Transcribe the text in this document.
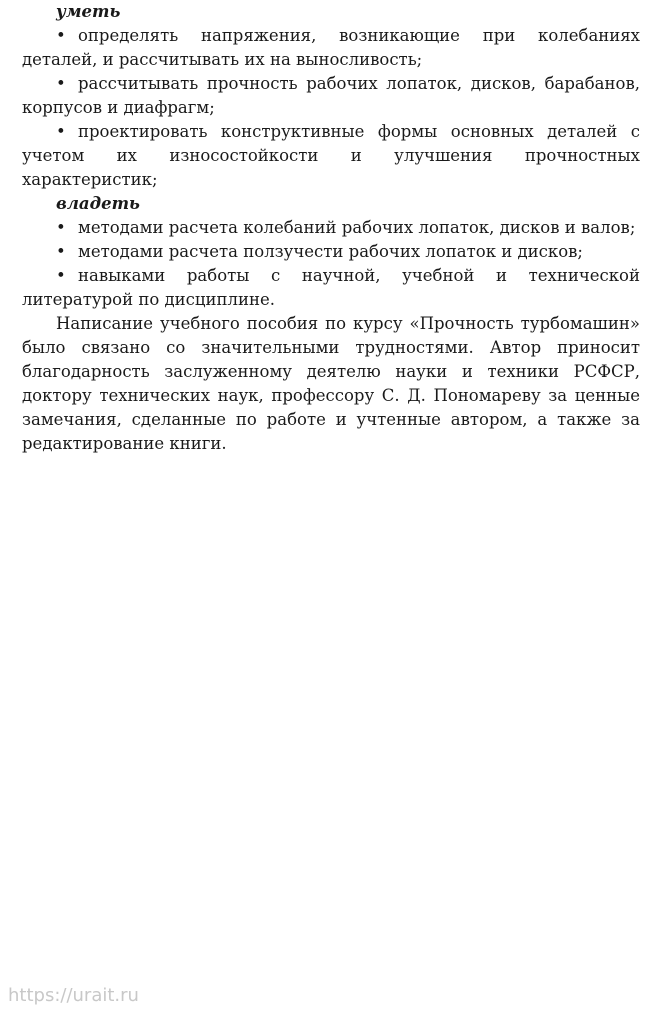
уметь
• определять напряжения, возникающие при колебаниях деталей, и рассчитывать их на выносливость;
• рассчитывать прочность рабочих лопаток, дисков, барабанов, корпусов и диафрагм;
• проектировать конструктивные формы основных деталей с учетом их износостойкости и улучшения прочностных характеристик;
владеть
• методами расчета колебаний рабочих лопаток, дисков и валов;
• методами расчета ползучести рабочих лопаток и дисков;
• навыками работы с научной, учебной и технической литературой по дисциплине.
Написание учебного пособия по курсу «Прочность турбомашин» было связано со значительными трудностями. Автор приносит благодарность заслуженному деятелю науки и техники РСФСР, доктору технических наук, профессору С. Д. Пономареву за ценные замечания, сделанные по работе и учтенные автором, а также за редактирование книги.
https://urait.ru
